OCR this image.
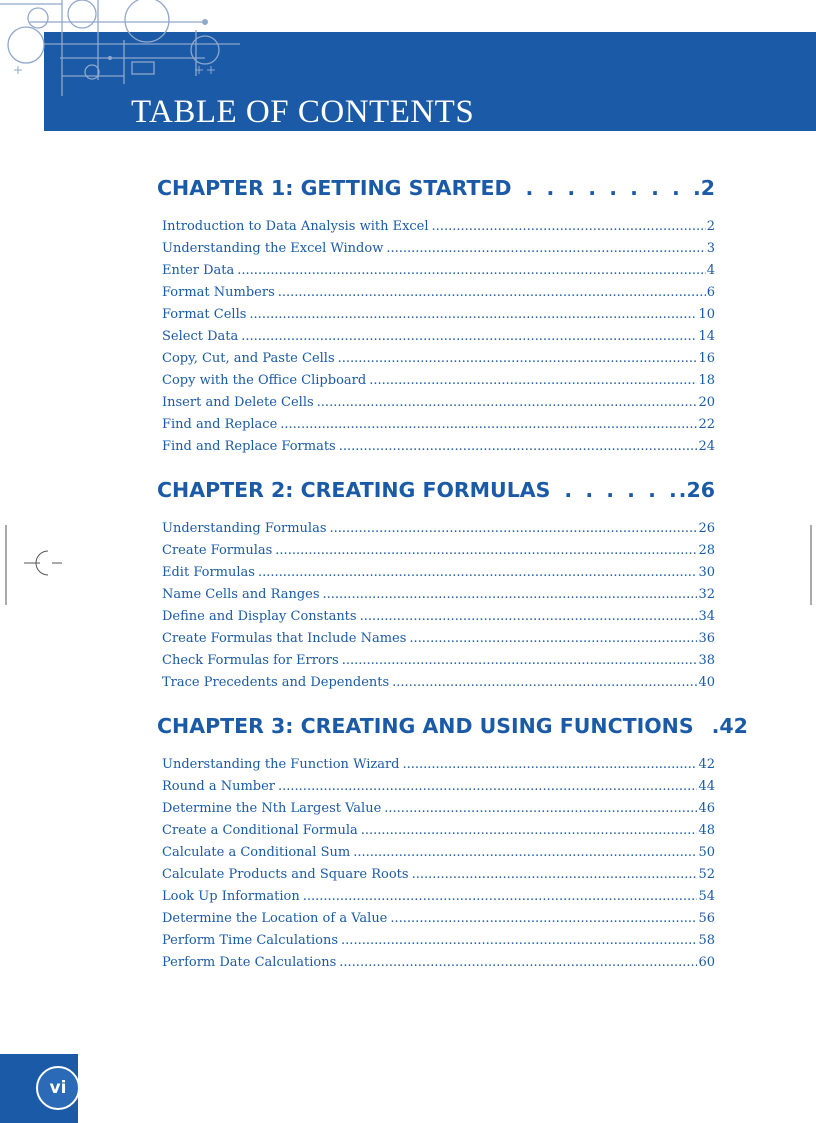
TABLE OF CONTENTS
CHAPTER 1: GETTING STARTED . . .	.2
Introduction to Data Analysis with Excel .....	2
Understanding the Excel Window .....	3
Enter Data .....	4
Format Numbers .....	6
Format Cells .....	10
Select Data .....	14
Copy, Cut, and Paste Cells .....	16
Copy with the Office Clipboard .....	18
Insert and Delete Cells .....	20
Find and Replace .....	22
Find and Replace Formats .....	24
CHAPTER 2: CREATING FORMULAS . . .	.26
Understanding Formulas .....	26
Create Formulas .....	28
Edit Formulas .....	30
Name Cells and Ranges .....	32
Define and Display Constants .....	34
Create Formulas that Include Names .....	36
Check Formulas for Errors .....	38
Trace Precedents and Dependents .....	40
CHAPTER 3: CREATING AND USING FUNCTIONS .42
Understanding the Function Wizard .....	42
Round a Number .....	44
Determine the Nth Largest Value .....	46
Create a Conditional Formula .....	48
Calculate a Conditional Sum .....	50
Calculate Products and Square Roots .....	52
Look Up Information .....	54
Determine the Location of a Value .....	56
Perform Time Calculations .....	58
Perform Date Calculations .....	60
vi
